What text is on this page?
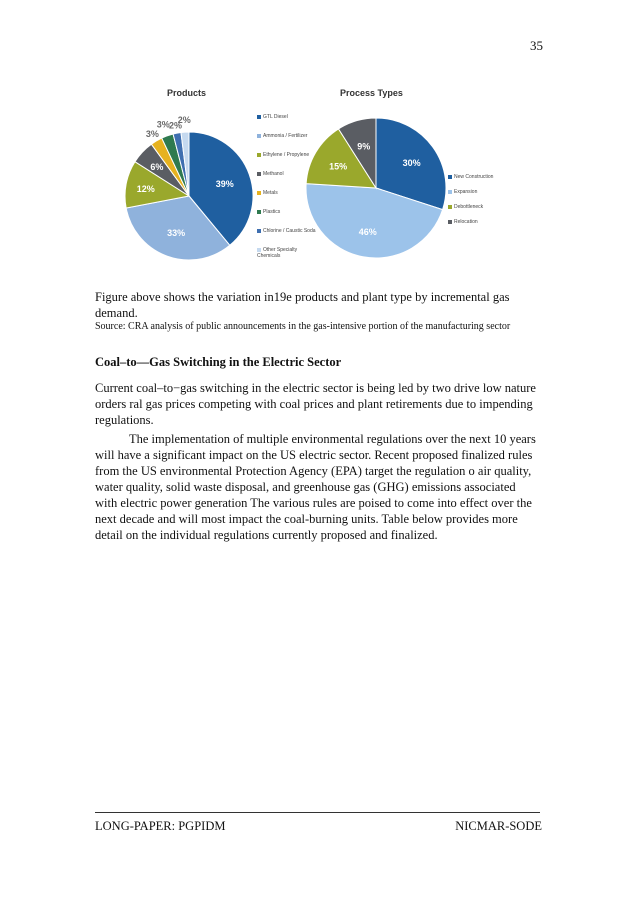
35
Products	Process Types
39%
33%
12%
6%
3%
3% 2%
2%
30%
46%
15%
9%
GTL Diesel
Ammonia / Fertilizer
Ethylene / Propylene
Methanol
Metals
Plastics
Chlorine / Caustic Soda
Other Specialty Chemicals
New Construction
Expansion
Debottleneck
Relocation
Figure above shows the variation in19e products and plant type by incremental gas demand.
Source: CRA analysis of public announcements in the gas-intensive portion of the manufacturing sector
Coal–to—Gas Switching in the Electric Sector
Current coal–to−gas switching in the electric sector is being led by two drive low nature orders ral gas prices competing with coal prices and plant retirements due to impending regulations.
The implementation of multiple environmental regulations over the next 10 years will have a significant impact on the US electric sector. Recent proposed finalized rules from the US environmental Protection Agency (EPA) target the regulation o air quality, water quality, solid waste disposal, and greenhouse gas (GHG) emissions associated with electric power generation The various rules are poised to come into effect over the next decade and will most impact the coal-burning units. Table below provides more detail on the individual regulations currently proposed and finalized.
LONG-PAPER: PGPIDM	NICMAR-SODE
